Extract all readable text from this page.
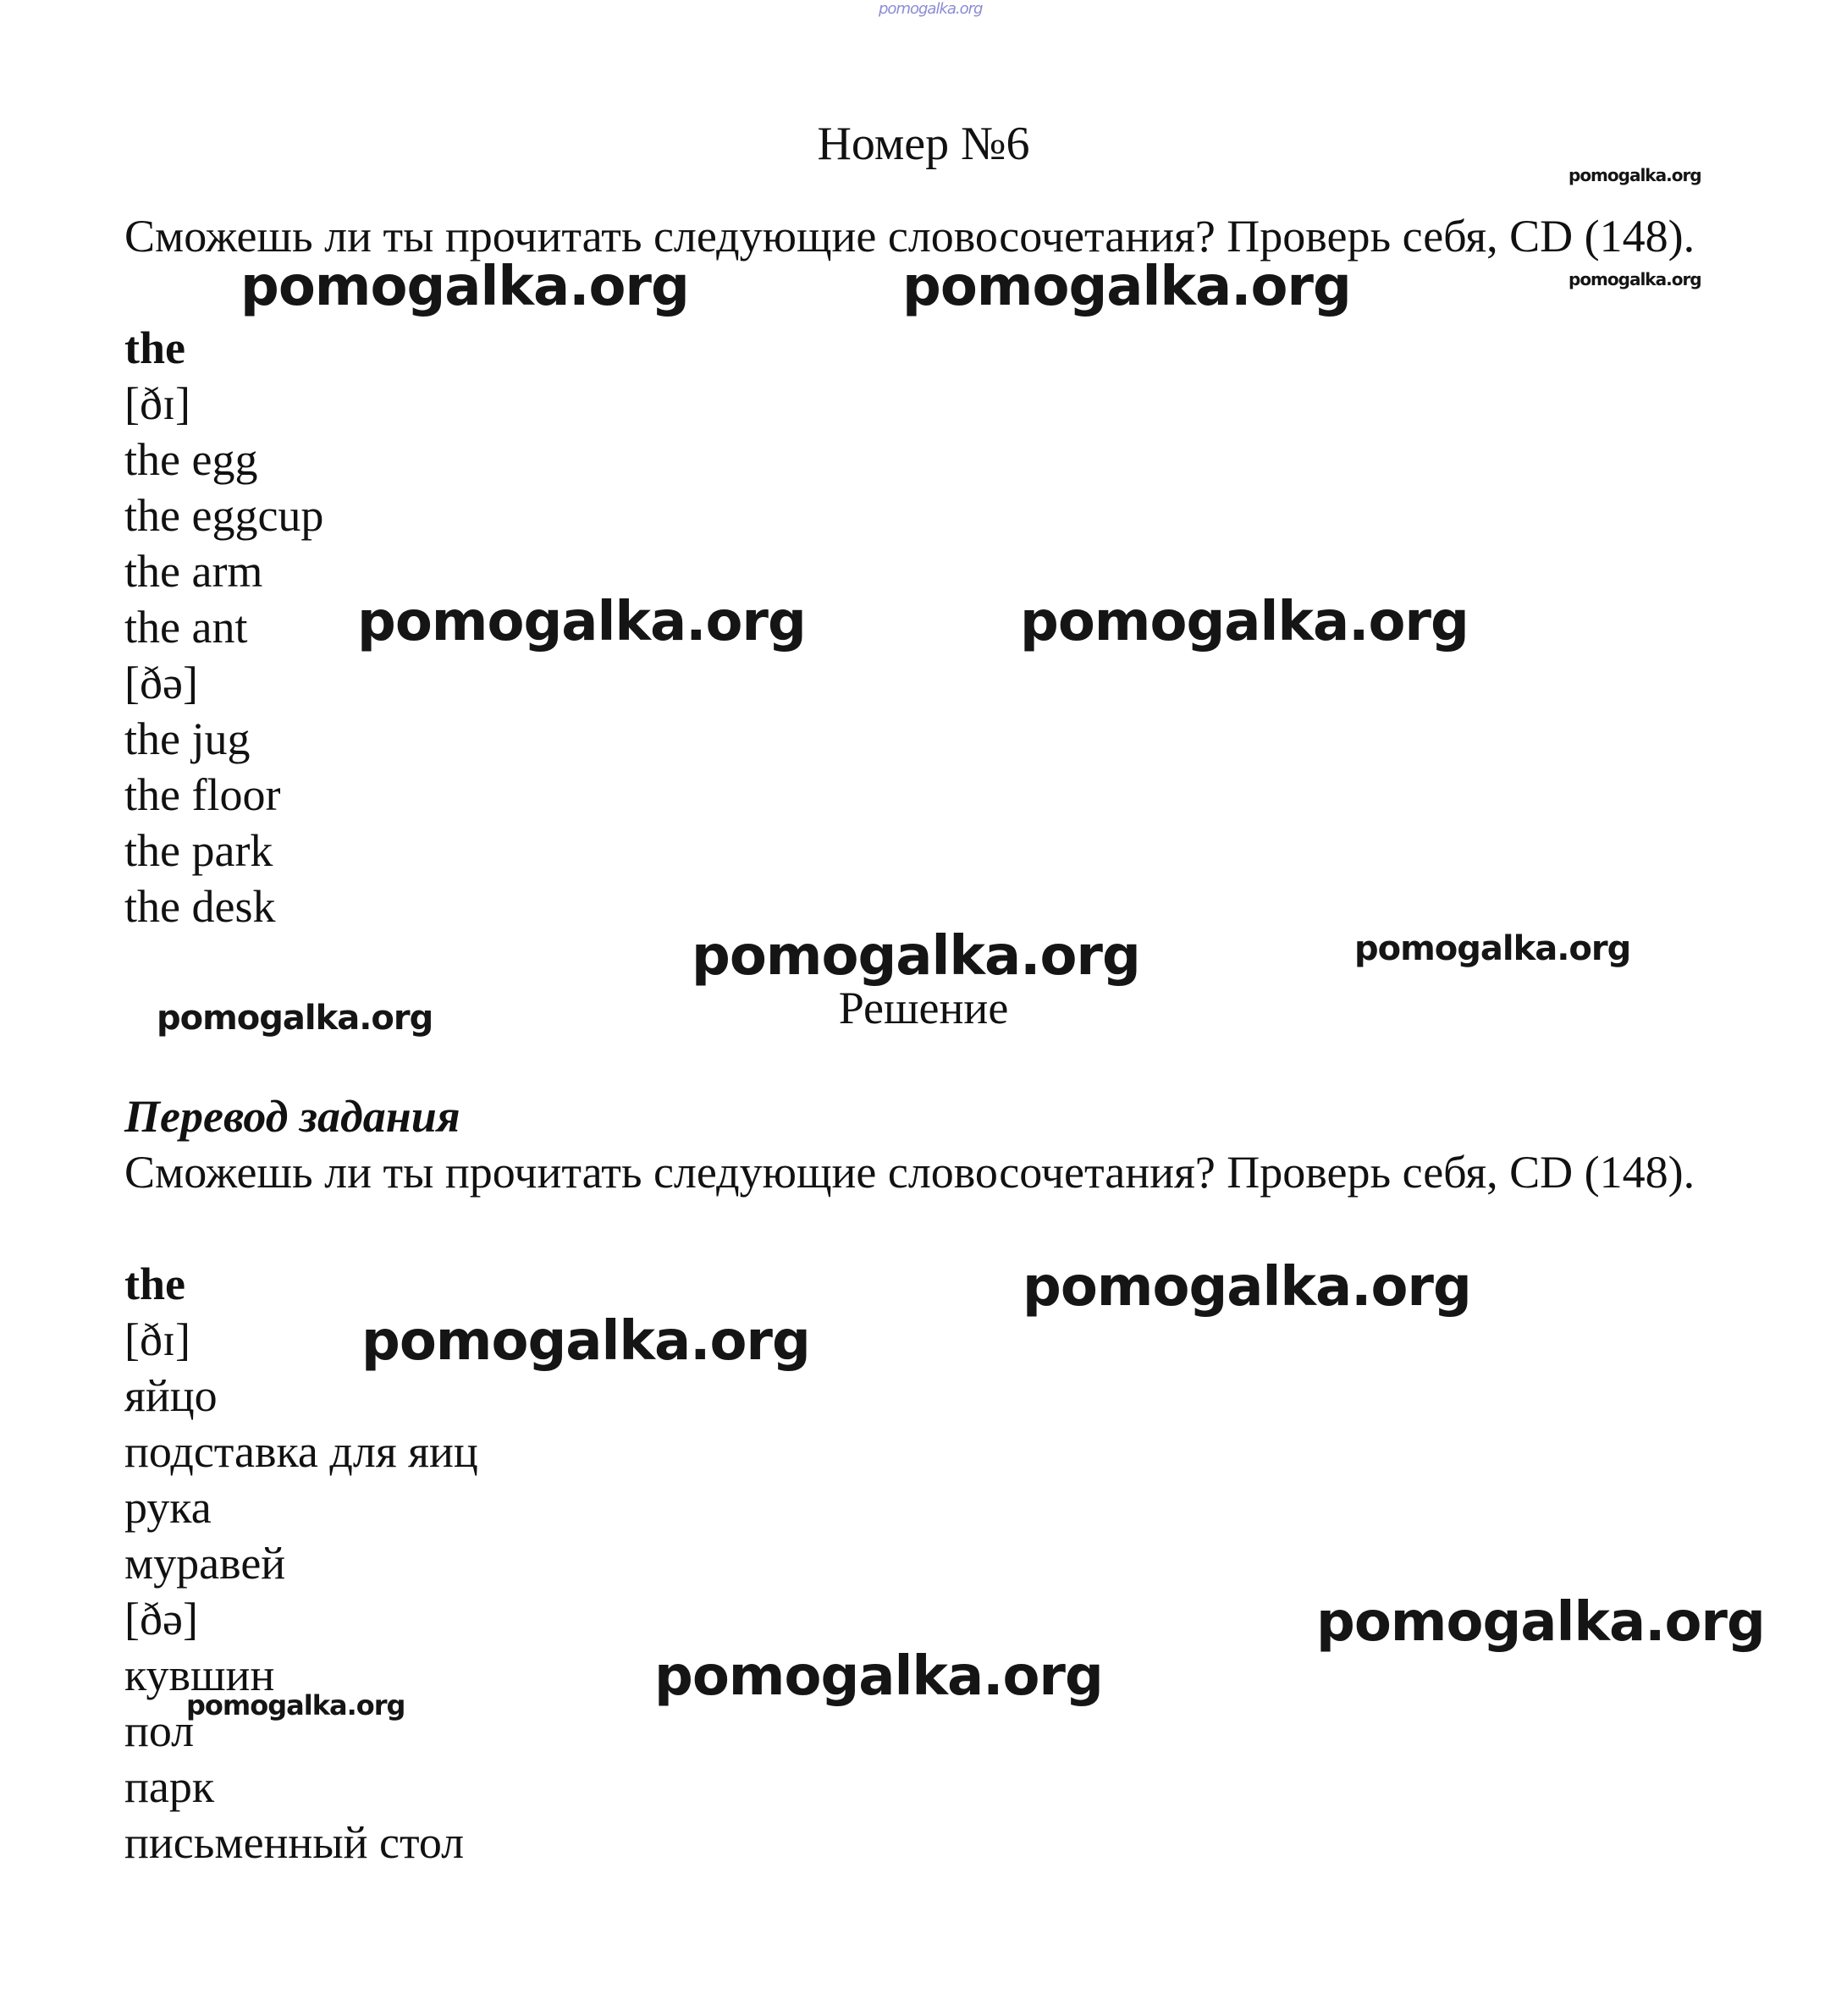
pomogalka.org
Номер №6

Сможешь ли ты прочитать следующие словосочетания? Проверь себя, CD (148).

the
[ðɪ]
the egg
the eggcup
the arm
the ant
[ðə]
the jug
the floor
the park
the desk
Решение
Перевод задания

Сможешь ли ты прочитать следующие словосочетания? Проверь себя, CD (148).

the
[ðɪ]
яйцо
подставка для яиц
рука
муравей
[ðə]
кувшин
пол
парк
письменный стол
pomogalka.org
pomogalka.org
pomogalka.org	pomogalka.org
pomogalka.org	pomogalka.org
pomogalka.org	pomogalka.org
pomogalka.org
pomogalka.org
pomogalka.org
pomogalka.org
pomogalka.org
pomogalka.org
